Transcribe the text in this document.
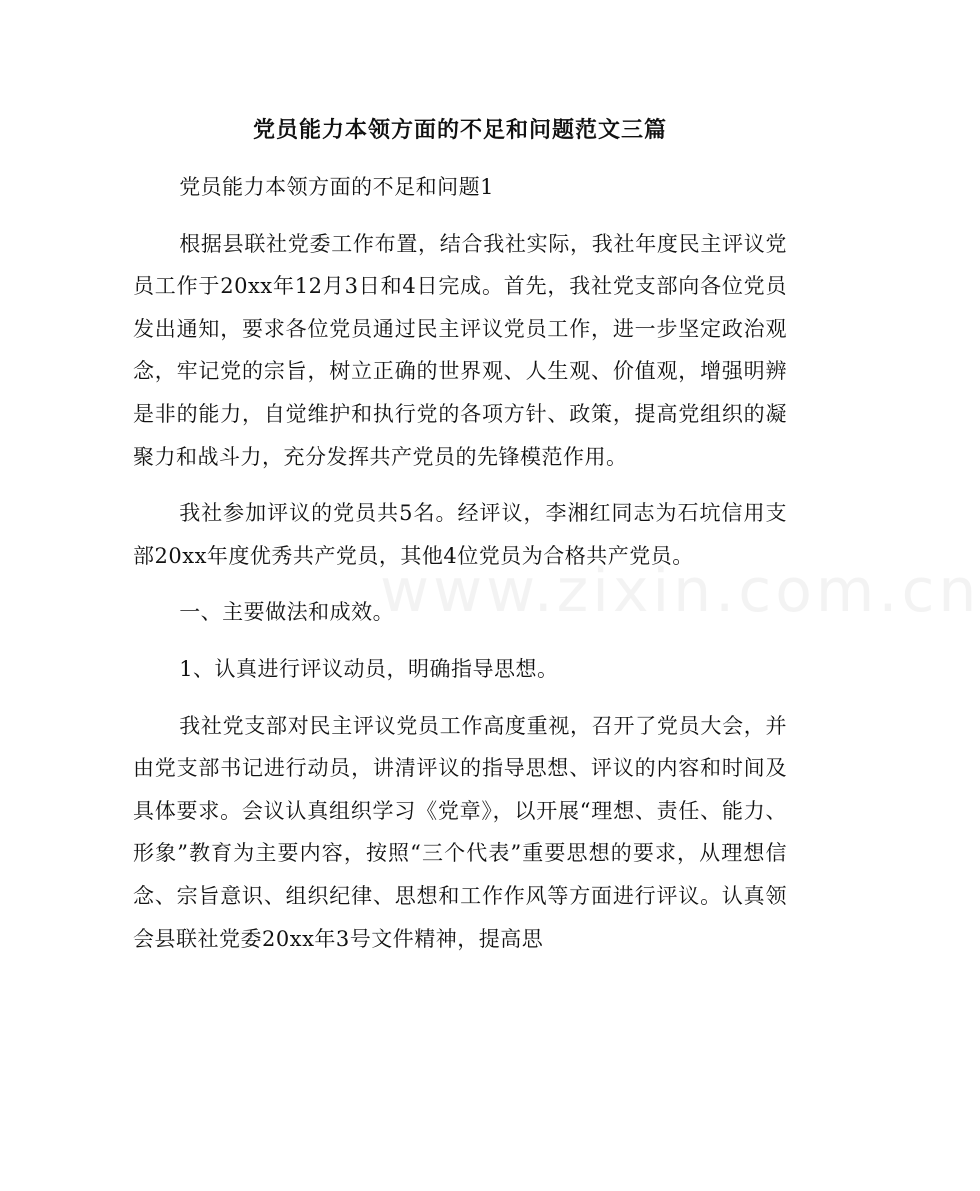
党员能力本领方面的不足和问题范文三篇

党员能力本领方面的不足和问题1

根据县联社党委工作布置，结合我社实际，我社年度民主评议党员工作于20xx年12月3日和4日完成。首先，我社党支部向各位党员发出通知，要求各位党员通过民主评议党员工作，进一步坚定政治观念，牢记党的宗旨，树立正确的世界观、人生观、价值观，增强明辨是非的能力，自觉维护和执行党的各项方针、政策，提高党组织的凝聚力和战斗力，充分发挥共产党员的先锋模范作用。

我社参加评议的党员共5名。经评议，李湘红同志为石坑信用支部20xx年度优秀共产党员，其他4位党员为合格共产党员。

一、主要做法和成效。

1、认真进行评议动员，明确指导思想。

我社党支部对民主评议党员工作高度重视，召开了党员大会，并由党支部书记进行动员，讲清评议的指导思想、评议的内容和时间及具体要求。会议认真组织学习《党章》，以开展“理想、责任、能力、形象”教育为主要内容，按照“三个代表”重要思想的要求，从理想信念、宗旨意识、组织纪律、思想和工作作风等方面进行评议。认真领会县联社党委20xx年3号文件精神，提高思

www.zixin.com.cn
